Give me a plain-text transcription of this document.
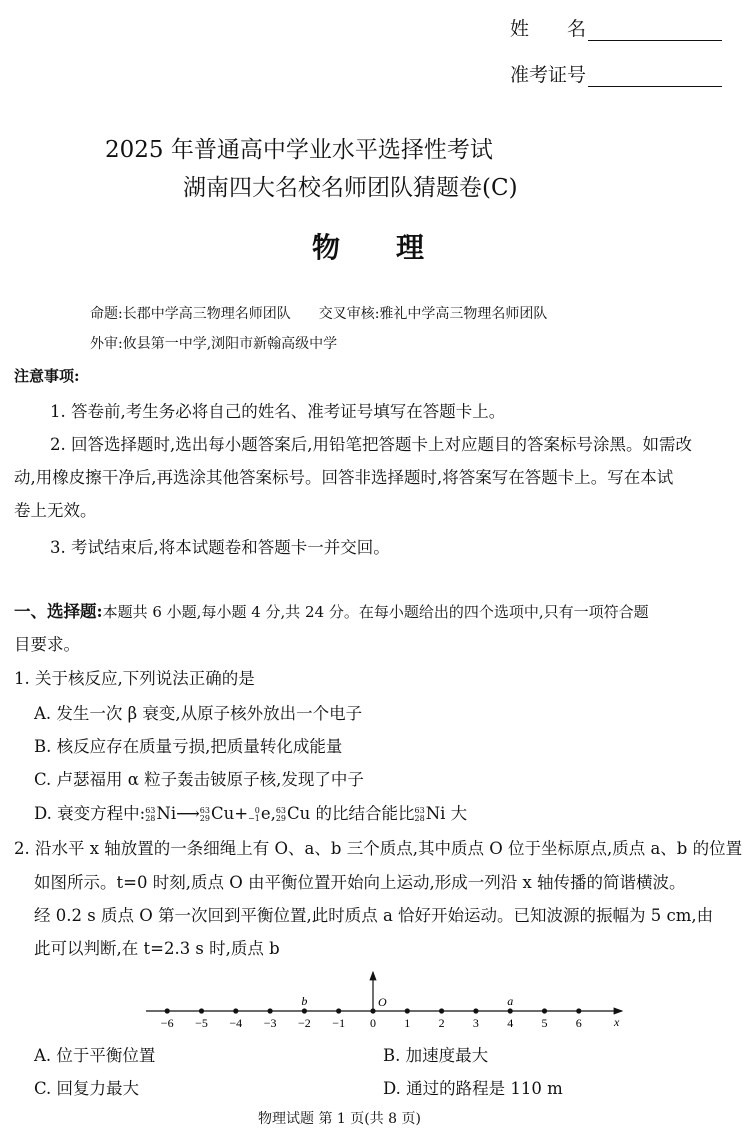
姓　　名
准考证号
2025 年普通高中学业水平选择性考试
湖南四大名校名师团队猜题卷(C)
物　　理
命题:长郡中学高三物理名师团队　　交叉审核:雅礼中学高三物理名师团队
外审:攸县第一中学,浏阳市新翰高级中学
注意事项:
1. 答卷前,考生务必将自己的姓名、准考证号填写在答题卡上。
2. 回答选择题时,选出每小题答案后,用铅笔把答题卡上对应题目的答案标号涂黑。如需改
动,用橡皮擦干净后,再选涂其他答案标号。回答非选择题时,将答案写在答题卡上。写在本试
卷上无效。
3. 考试结束后,将本试题卷和答题卡一并交回。
一、选择题:本题共 6 小题,每小题 4 分,共 24 分。在每小题给出的四个选项中,只有一项符合题
目要求。
1. 关于核反应,下列说法正确的是
A. 发生一次 β 衰变,从原子核外放出一个电子
B. 核反应存在质量亏损,把质量转化成能量
C. 卢瑟福用 α 粒子轰击铍原子核,发现了中子
D. 衰变方程中: 63
28 Ni⟶ 63
29 Cu+ 0
−1 e, 63
29 Cu 的比结合能比 63
28 Ni 大
2. 沿水平 x 轴放置的一条细绳上有 O、a、b 三个质点,其中质点 O 位于坐标原点,质点 a、b 的位置
如图所示。t=0 时刻,质点 O 由平衡位置开始向上运动,形成一列沿 x 轴传播的简谐横波。
经 0.2 s 质点 O 第一次回到平衡位置,此时质点 a 恰好开始运动。已知波源的振幅为 5 cm,由
此可以判断,在 t=2.3 s 时,质点 b
−6 −5 −4 −3 −2 −1 0 1 2 3 4 5 6	x
O	a
b
A. 位于平衡位置	B. 加速度最大
C. 回复力最大	D. 通过的路程是 110 m
物理试题 第 1 页(共 8 页)
